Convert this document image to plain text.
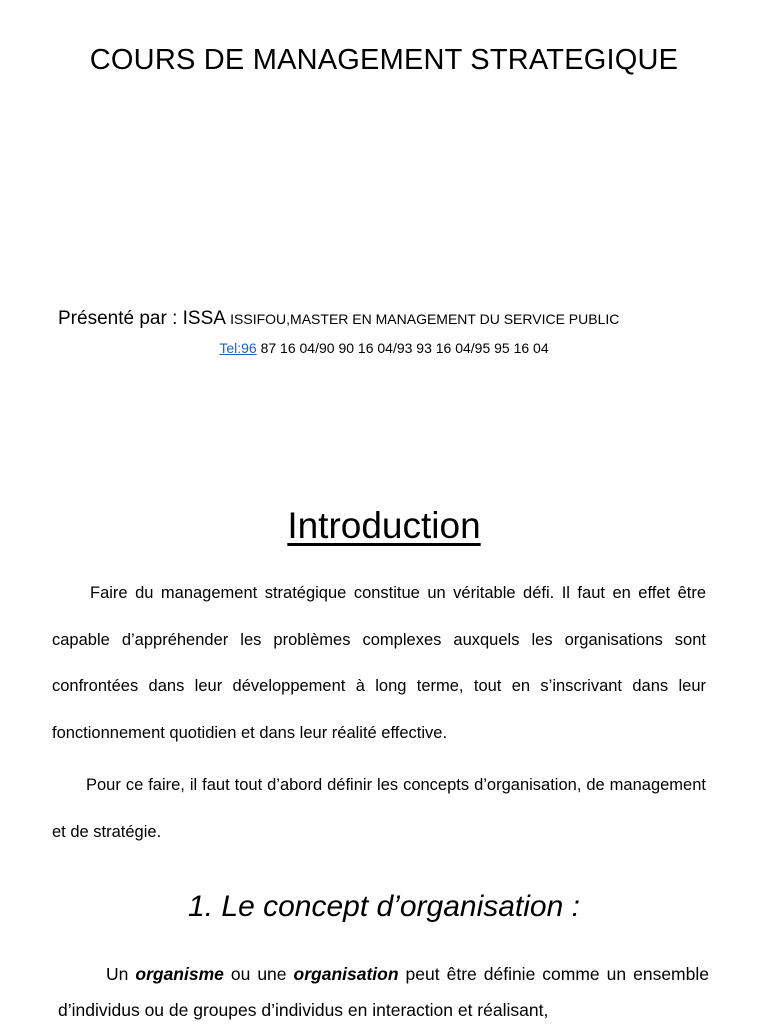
COURS DE MANAGEMENT STRATEGIQUE
Présenté par : ISSA ISSIFOU,MASTER EN MANAGEMENT DU SERVICE PUBLIC
Tel:96 87 16 04/90 90 16 04/93 93 16 04/95 95 16 04
Introduction

Faire du management stratégique constitue un véritable défi. Il faut en effet être capable d’appréhender les problèmes complexes auxquels les organisations sont confrontées dans leur développement à long terme, tout en s’inscrivant dans leur fonctionnement quotidien et dans leur réalité effective.

Pour ce faire, il faut tout d’abord définir les concepts d’organisation, de management et de stratégie.

1. Le concept d’organisation :

Un organisme ou une organisation peut être définie comme un ensemble d’individus ou de groupes d’individus en interaction et réalisant,
